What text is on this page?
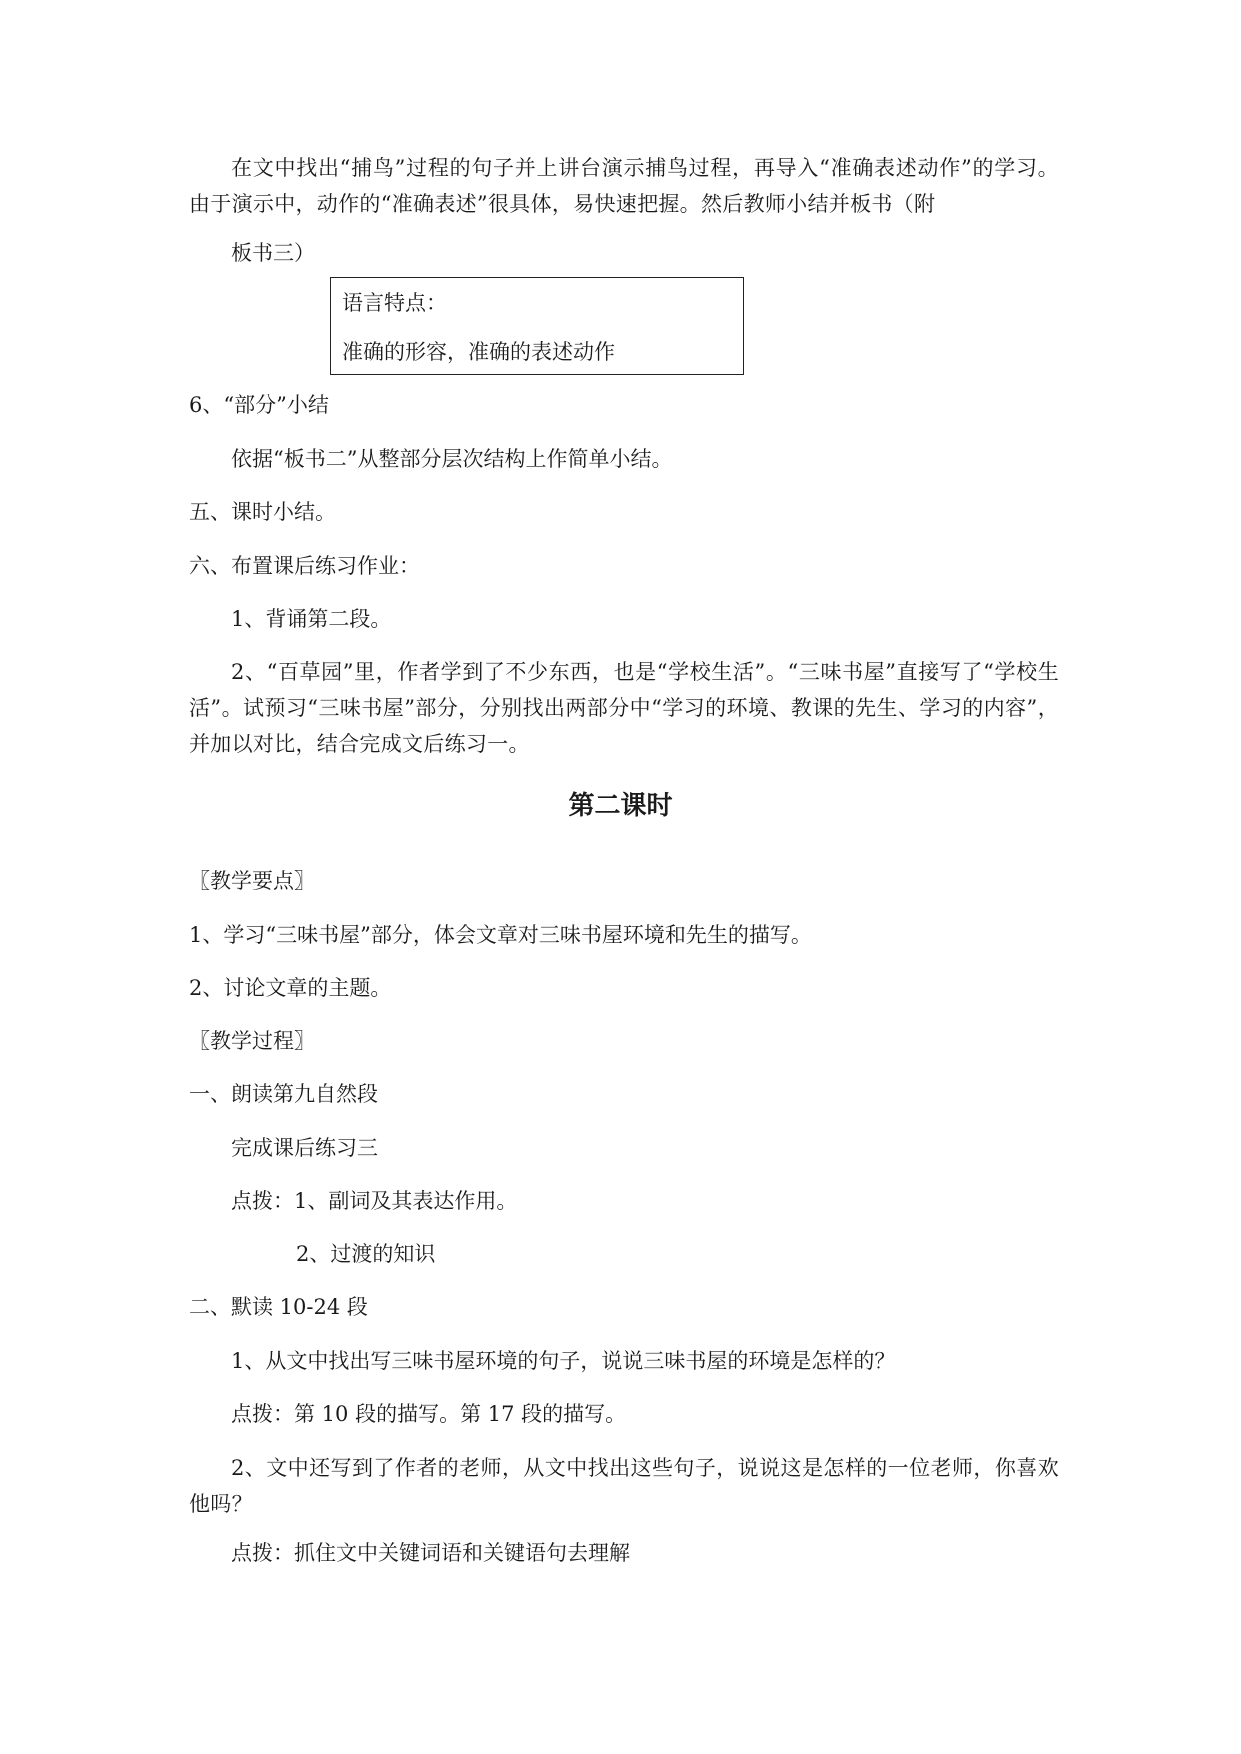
在文中找出“捕鸟”过程的句子并上讲台演示捕鸟过程，再导入“准确表述动作”的学习。由于演示中，动作的“准确表述”很具体，易快速把握。然后教师小结并板书（附

板书三）

语言特点：
准确的形容，准确的表述动作

6、“部分”小结

依据“板书二”从整部分层次结构上作简单小结。

五、课时小结。

六、布置课后练习作业：

1、背诵第二段。

2、“百草园”里，作者学到了不少东西，也是“学校生活”。“三味书屋”直接写了“学校生活”。试预习“三味书屋”部分，分别找出两部分中“学习的环境、教课的先生、学习的内容”，并加以对比，结合完成文后练习一。

第二课时

〖教学要点〗

1、学习“三味书屋”部分，体会文章对三味书屋环境和先生的描写。

2、讨论文章的主题。

〖教学过程〗

一、朗读第九自然段

完成课后练习三

点拨：1、副词及其表达作用。

2、过渡的知识

二、默读 10-24 段

1、从文中找出写三味书屋环境的句子，说说三味书屋的环境是怎样的？

点拨：第 10 段的描写。第 17 段的描写。

2、文中还写到了作者的老师，从文中找出这些句子，说说这是怎样的一位老师，你喜欢他吗？

点拨：抓住文中关键词语和关键语句去理解
